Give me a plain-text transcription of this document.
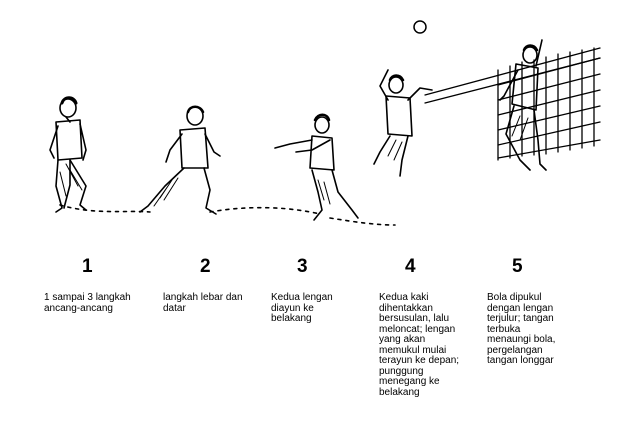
1	2	3	4	5
1 sampai 3 langkah ancang-ancang
langkah lebar dan datar
Kedua lengan diayun ke belakang
Kedua kaki dihentakkan bersusulan, lalu meloncat; lengan yang akan memukul mulai terayun ke depan; punggung menegang ke belakang
Bola dipukul dengan lengan terjulur; tangan terbuka menaungi bola, pergelangan tangan longgar
